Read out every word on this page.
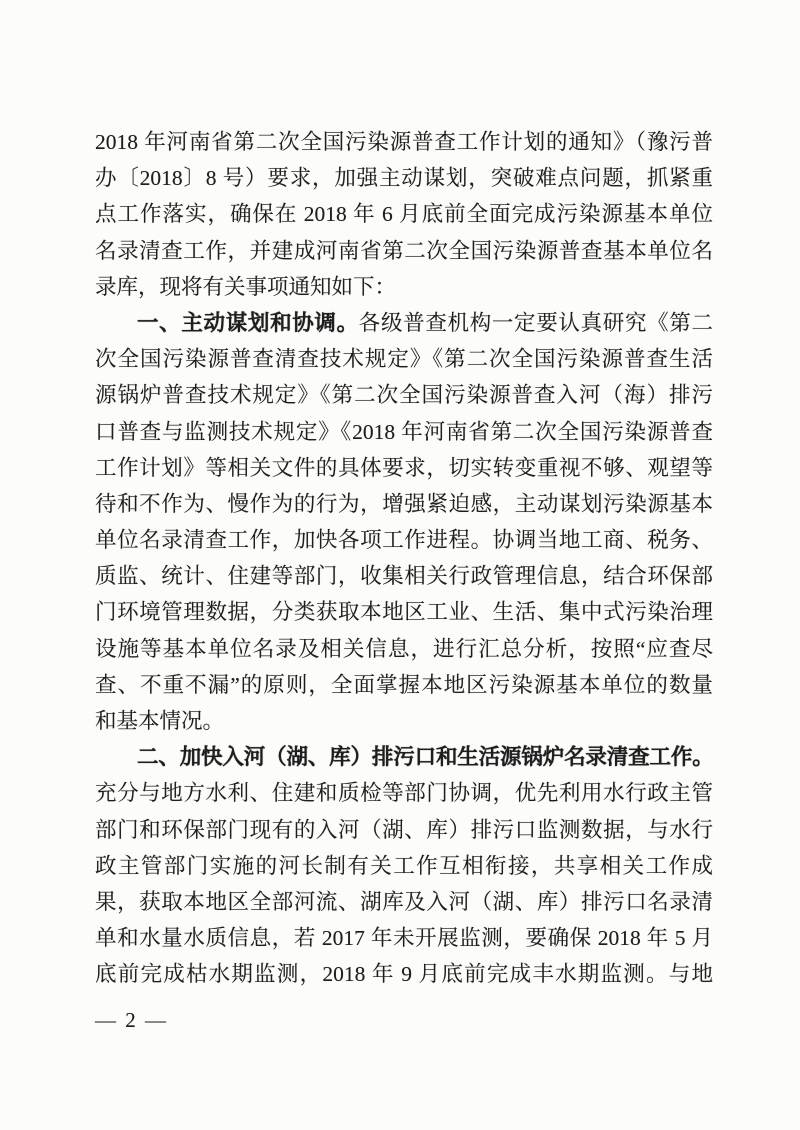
2018 年河南省第二次全国污染源普查工作计划的通知》（豫污普
办〔2018〕8 号）要求，加强主动谋划，突破难点问题，抓紧重
点工作落实，确保在 2018 年 6 月底前全面完成污染源基本单位
名录清查工作，并建成河南省第二次全国污染源普查基本单位名
录库，现将有关事项通知如下：
一、主动谋划和协调。各级普查机构一定要认真研究《第二
次全国污染源普查清查技术规定》《第二次全国污染源普查生活
源锅炉普查技术规定》《第二次全国污染源普查入河（海）排污
口普查与监测技术规定》《2018 年河南省第二次全国污染源普查
工作计划》等相关文件的具体要求，切实转变重视不够、观望等
待和不作为、慢作为的行为，增强紧迫感，主动谋划污染源基本
单位名录清查工作，加快各项工作进程。协调当地工商、税务、
质监、统计、住建等部门，收集相关行政管理信息，结合环保部
门环境管理数据，分类获取本地区工业、生活、集中式污染治理
设施等基本单位名录及相关信息，进行汇总分析，按照“应查尽
查、不重不漏”的原则，全面掌握本地区污染源基本单位的数量
和基本情况。
二、加快入河（湖、库）排污口和生活源锅炉名录清查工作。
充分与地方水利、住建和质检等部门协调，优先利用水行政主管
部门和环保部门现有的入河（湖、库）排污口监测数据，与水行
政主管部门实施的河长制有关工作互相衔接，共享相关工作成
果，获取本地区全部河流、湖库及入河（湖、库）排污口名录清
单和水量水质信息，若 2017 年未开展监测，要确保 2018 年 5 月
底前完成枯水期监测，2018 年 9 月底前完成丰水期监测。与地
— 2 —
